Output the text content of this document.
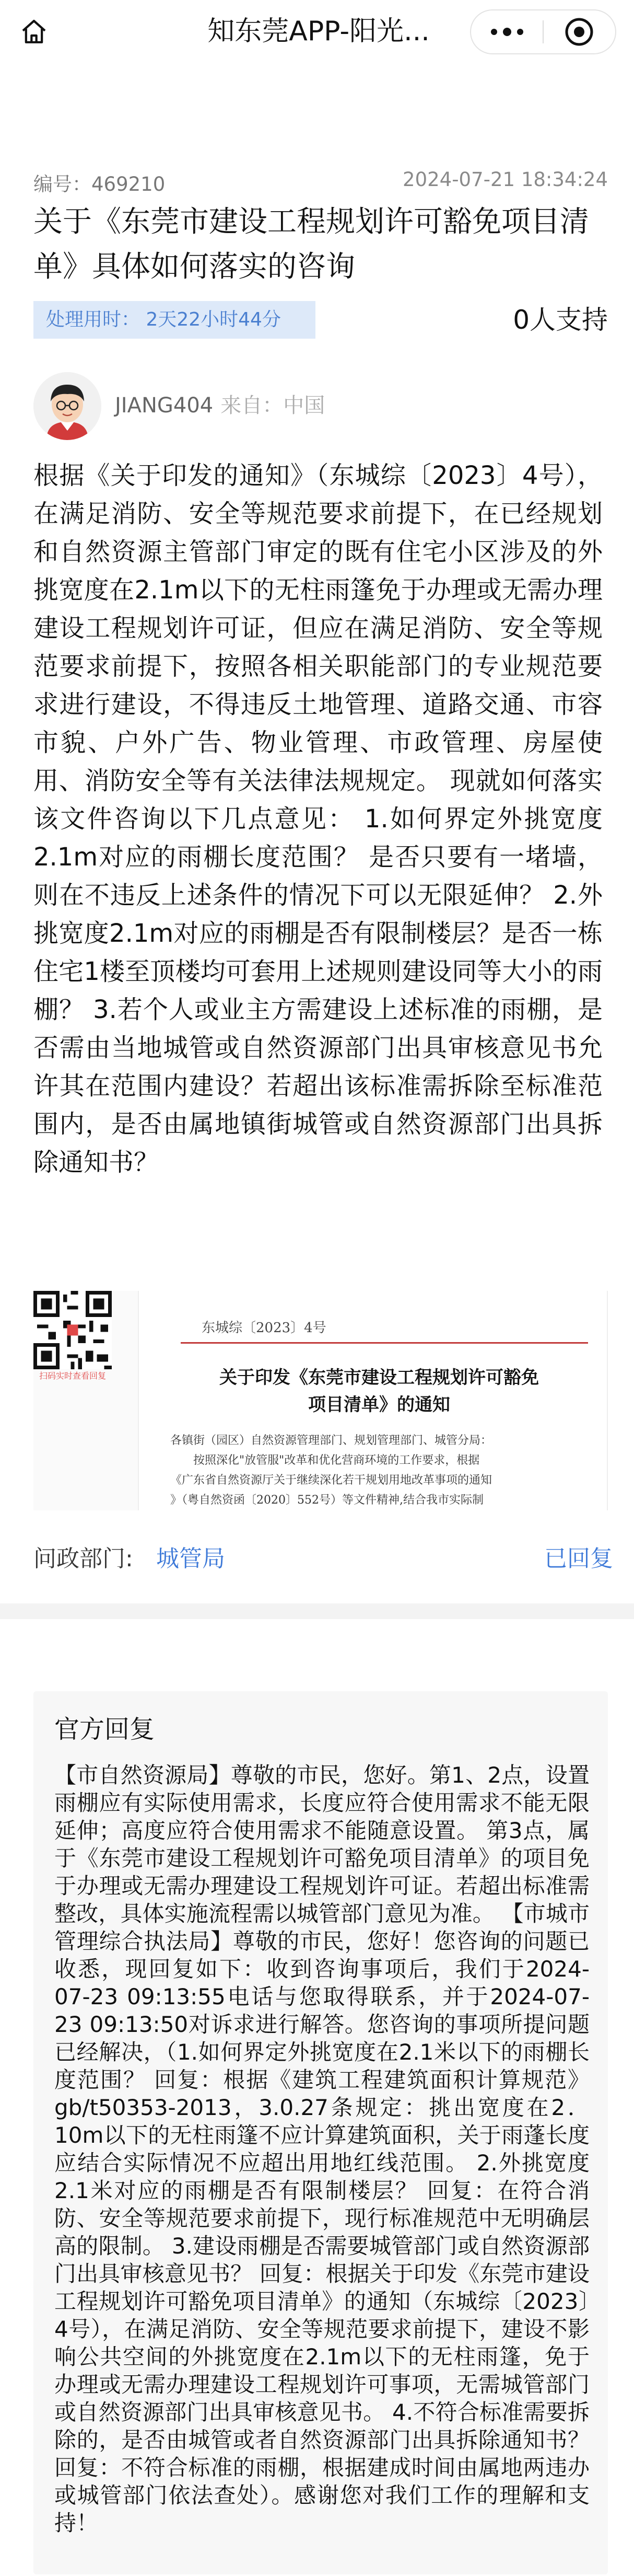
知东莞APP-阳光...
编号：469210	2024-07-21 18:34:24
关于《东莞市建设工程规划许可豁免项目清单》具体如何落实的咨询
处理用时： 2天22小时44分	0人支持
JIANG404 来自：中国
根据《关于印发的通知》（东城综〔2023〕4号），在满足消防、安全等规范要求前提下，在已经规划和自然资源主管部门审定的既有住宅小区涉及的外挑宽度在2.1m以下的无柱雨篷免于办理或无需办理建设工程规划许可证，但应在满足消防、安全等规范要求前提下，按照各相关职能部门的专业规范要求进行建设，不得违反土地管理、道路交通、市容市貌、户外广告、物业管理、市政管理、房屋使用、消防安全等有关法律法规规定。 现就如何落实该文件咨询以下几点意见： 1.如何界定外挑宽度2.1m对应的雨棚长度范围？ 是否只要有一堵墙，则在不违反上述条件的情况下可以无限延伸？ 2.外挑宽度2.1m对应的雨棚是否有限制楼层？是否一栋住宅1楼至顶楼均可套用上述规则建设同等大小的雨棚？ 3.若个人或业主方需建设上述标准的雨棚，是否需由当地城管或自然资源部门出具审核意见书允许其在范围内建设？若超出该标准需拆除至标准范围内，是否由属地镇街城管或自然资源部门出具拆除通知书？
扫码实时查看回复
东城综〔2023〕4号
关于印发《东莞市建设工程规划许可豁免
项目清单》的通知
各镇街（园区）自然资源管理部门、规划管理部门、城管分局：
按照深化"放管服"改革和优化营商环境的工作要求，根据
《广东省自然资源厅关于继续深化若干规划用地改革事项的通知
》（粤自然资函〔2020〕552号）等文件精神,结合我市实际制
问政部门: 城管局	已回复
官方回复
【市自然资源局】尊敬的市民，您好。第1、2点，设置雨棚应有实际使用需求，长度应符合使用需求不能无限延伸；高度应符合使用需求不能随意设置。 第3点，属于《东莞市建设工程规划许可豁免项目清单》的项目免于办理或无需办理建设工程规划许可证。若超出标准需整改，具体实施流程需以城管部门意见为准。 【市城市管理综合执法局】尊敬的市民，您好！您咨询的问题已收悉，现回复如下：收到咨询事项后，我们于2024-07-23 09:13:55电话与您取得联系，并于2024-07-23 09:13:50对诉求进行解答。您咨询的事项所提问题已经解决，（1.如何界定外挑宽度在2.1米以下的雨棚长度范围？ 回复：根据《建筑工程建筑面积计算规范》gb/t50353-2013，3.0.27条规定：挑出宽度在2．10m以下的无柱雨篷不应计算建筑面积，关于雨蓬长度应结合实际情况不应超出用地红线范围。 2.外挑宽度2.1米对应的雨棚是否有限制楼层？ 回复：在符合消防、安全等规范要求前提下，现行标准规范中无明确层高的限制。 3.建设雨棚是否需要城管部门或自然资源部门出具审核意见书？ 回复：根据关于印发《东莞市建设工程规划许可豁免项目清单》的通知（东城综〔2023〕4号），在满足消防、安全等规范要求前提下，建设不影响公共空间的外挑宽度在2.1m以下的无柱雨篷，免于办理或无需办理建设工程规划许可事项，无需城管部门或自然资源部门出具审核意见书。 4.不符合标准需要拆除的，是否由城管或者自然资源部门出具拆除通知书？ 回复：不符合标准的雨棚，根据建成时间由属地两违办或城管部门依法查处）。感谢您对我们工作的理解和支持！
